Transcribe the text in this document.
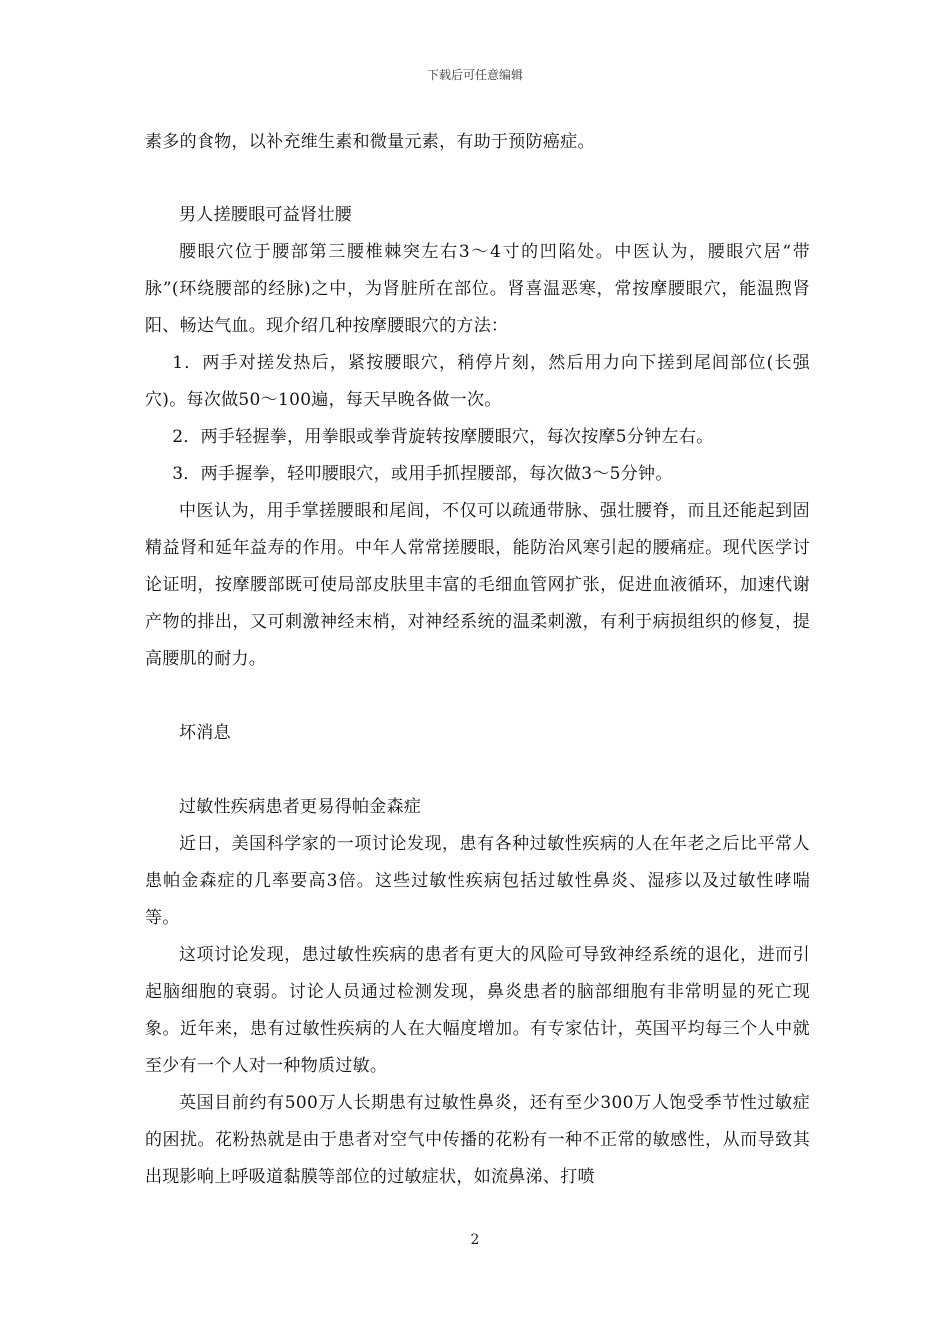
下载后可任意编辑

素多的食物，以补充维生素和微量元素，有助于预防癌症。

男人搓腰眼可益肾壮腰

腰眼穴位于腰部第三腰椎棘突左右3～4寸的凹陷处。中医认为，腰眼穴居“带脉”(环绕腰部的经脉)之中，为肾脏所在部位。肾喜温恶寒，常按摩腰眼穴，能温煦肾阳、畅达气血。现介绍几种按摩腰眼穴的方法：

1．两手对搓发热后，紧按腰眼穴，稍停片刻，然后用力向下搓到尾闾部位(长强穴)。每次做50～100遍，每天早晚各做一次。

2．两手轻握拳，用拳眼或拳背旋转按摩腰眼穴，每次按摩5分钟左右。

3．两手握拳，轻叩腰眼穴，或用手抓捏腰部，每次做3～5分钟。

中医认为，用手掌搓腰眼和尾闾，不仅可以疏通带脉、强壮腰脊，而且还能起到固精益肾和延年益寿的作用。中年人常常搓腰眼，能防治风寒引起的腰痛症。现代医学讨论证明，按摩腰部既可使局部皮肤里丰富的毛细血管网扩张，促进血液循环，加速代谢产物的排出，又可刺激神经末梢，对神经系统的温柔刺激，有利于病损组织的修复，提高腰肌的耐力。

坏消息

过敏性疾病患者更易得帕金森症

近日，美国科学家的一项讨论发现，患有各种过敏性疾病的人在年老之后比平常人患帕金森症的几率要高3倍。这些过敏性疾病包括过敏性鼻炎、湿疹以及过敏性哮喘等。

这项讨论发现，患过敏性疾病的患者有更大的风险可导致神经系统的退化，进而引起脑细胞的衰弱。讨论人员通过检测发现，鼻炎患者的脑部细胞有非常明显的死亡现象。近年来，患有过敏性疾病的人在大幅度增加。有专家估计，英国平均每三个人中就至少有一个人对一种物质过敏。

英国目前约有500万人长期患有过敏性鼻炎，还有至少300万人饱受季节性过敏症的困扰。花粉热就是由于患者对空气中传播的花粉有一种不正常的敏感性，从而导致其出现影响上呼吸道黏膜等部位的过敏症状，如流鼻涕、打喷

2
